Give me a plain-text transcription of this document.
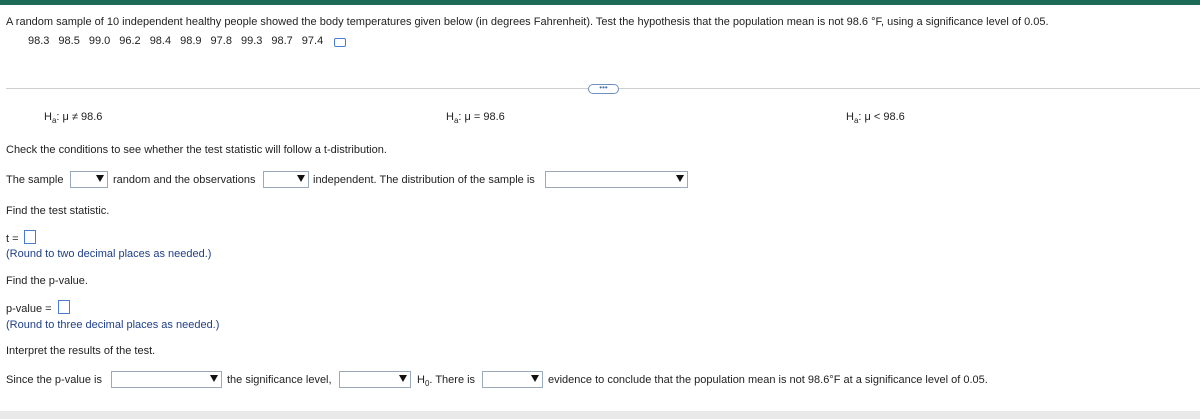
A random sample of 10 independent healthy people showed the body temperatures given below (in degrees Fahrenheit). Test the hypothesis that the population mean is not 98.6 °F, using a significance level of 0.05.
98.3 98.5 99.0 96.2 98.4 98.9 97.8 99.3 98.7 97.4
•••
$H_a$: μ ≠ 98.6	$H_a$: μ = 98.6	$H_a$: μ < 98.6
Check the conditions to see whether the test statistic will follow a t-distribution.
The sample	random and the observations	independent. The distribution of the sample is
Find the test statistic.
t =
(Round to two decimal places as needed.)
Find the p-value.
p-value =
(Round to three decimal places as needed.)
Interpret the results of the test.
Since the p-value is	the significance level,	$H_0$. There is	evidence to conclude that the population mean is not 98.6°F at a significance level of 0.05.
